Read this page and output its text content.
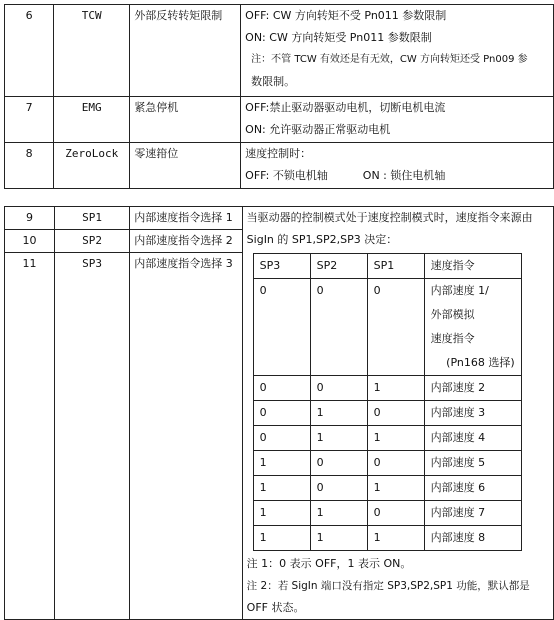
6	TCW	外部反转转矩限制	OFF: CW 方向转矩不受 Pn011 参数限制
ON: CW 方向转矩受 Pn011 参数限制
注：不管 TCW 有效还是有无效，CW 方向转矩还受 Pn009 参
数限制。

7	EMG	紧急停机	OFF:禁止驱动器驱动电机，切断电机电流
ON: 允许驱动器正常驱动电机

8	ZeroLock	零速箝位	速度控制时：
OFF: 不锁电机轴          ON : 锁住电机轴
9	SP1	内部速度指令选择 1	当驱动器的控制模式处于速度控制模式时，速度指令来源由
SigIn 的 SP1,SP2,SP3 决定：
SP3	SP2	SP1	速度指令
0	0	0	内部速度 1/
外部模拟
速度指令
(Pn168 选择)

0	0	1	内部速度 2
0	1	0	内部速度 3
0	1	1	内部速度 4
1	0	0	内部速度 5
1	0	1	内部速度 6
1	1	0	内部速度 7
1	1	1	内部速度 8
注 1：0 表示 OFF，1 表示 ON。
注 2：若 SigIn 端口没有指定 SP3,SP2,SP1 功能，默认都是
OFF 状态。

10	SP2	内部速度指令选择 2
11	SP3	内部速度指令选择 3
